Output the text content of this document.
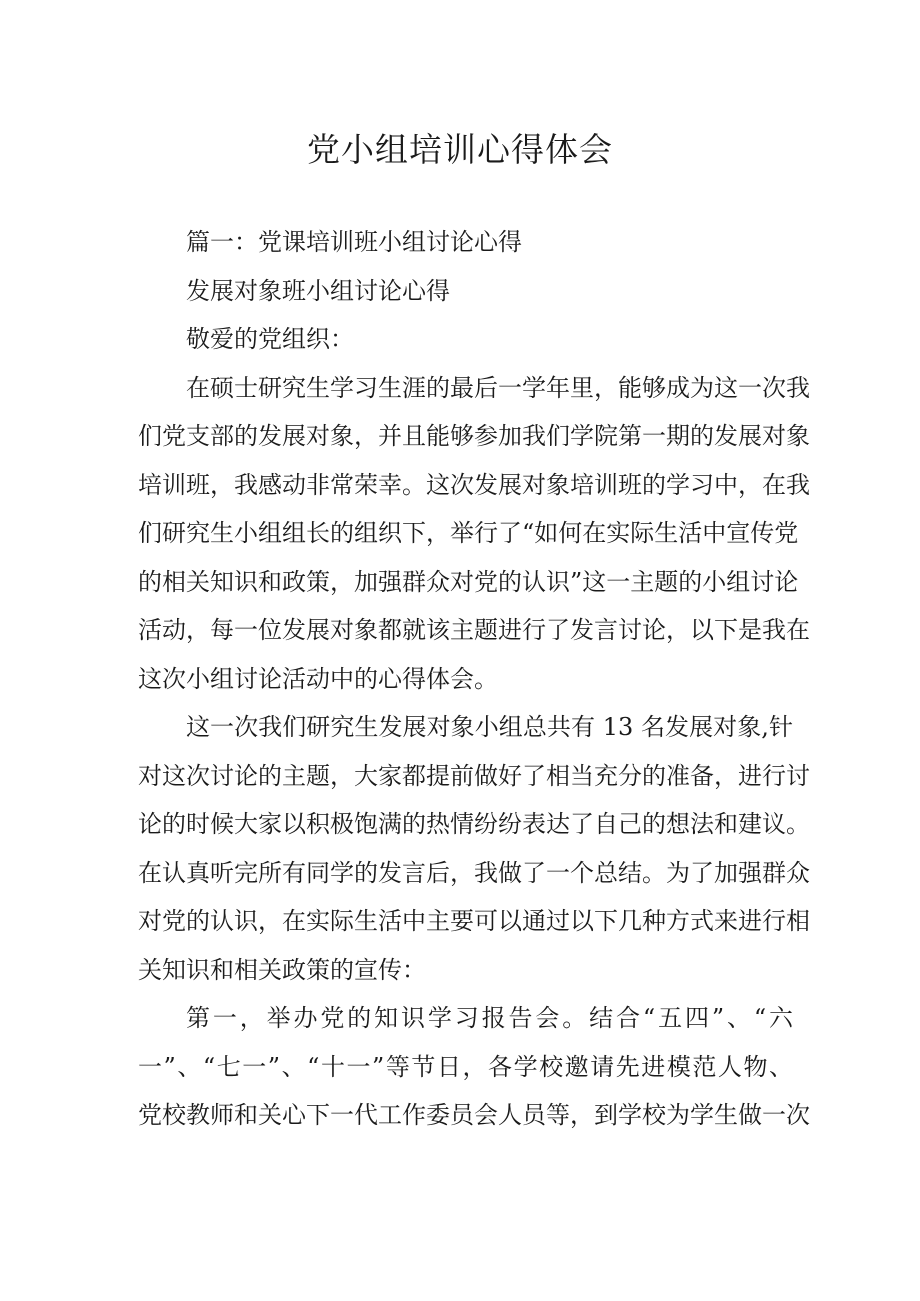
党小组培训心得体会
篇一：党课培训班小组讨论心得
发展对象班小组讨论心得
敬爱的党组织：

在硕士研究生学习生涯的最后一学年里，能够成为这一次我
们党支部的发展对象，并且能够参加我们学院第一期的发展对象
培训班，我感动非常荣幸。这次发展对象培训班的学习中，在我
们研究生小组组长的组织下，举行了“如何在实际生活中宣传党
的相关知识和政策，加强群众对党的认识”这一主题的小组讨论
活动，每一位发展对象都就该主题进行了发言讨论，以下是我在
这次小组讨论活动中的心得体会。

这一次我们研究生发展对象小组总共有 13 名发展对象,针
对这次讨论的主题，大家都提前做好了相当充分的准备，进行讨
论的时候大家以积极饱满的热情纷纷表达了自己的想法和建议。
在认真听完所有同学的发言后，我做了一个总结。为了加强群众
对党的认识，在实际生活中主要可以通过以下几种方式来进行相
关知识和相关政策的宣传：

第一，举办党的知识学习报告会。结合“五四”、“六
一”、“七一”、“十一”等节日，各学校邀请先进模范人物、
党校教师和关心下一代工作委员会人员等，到学校为学生做一次
